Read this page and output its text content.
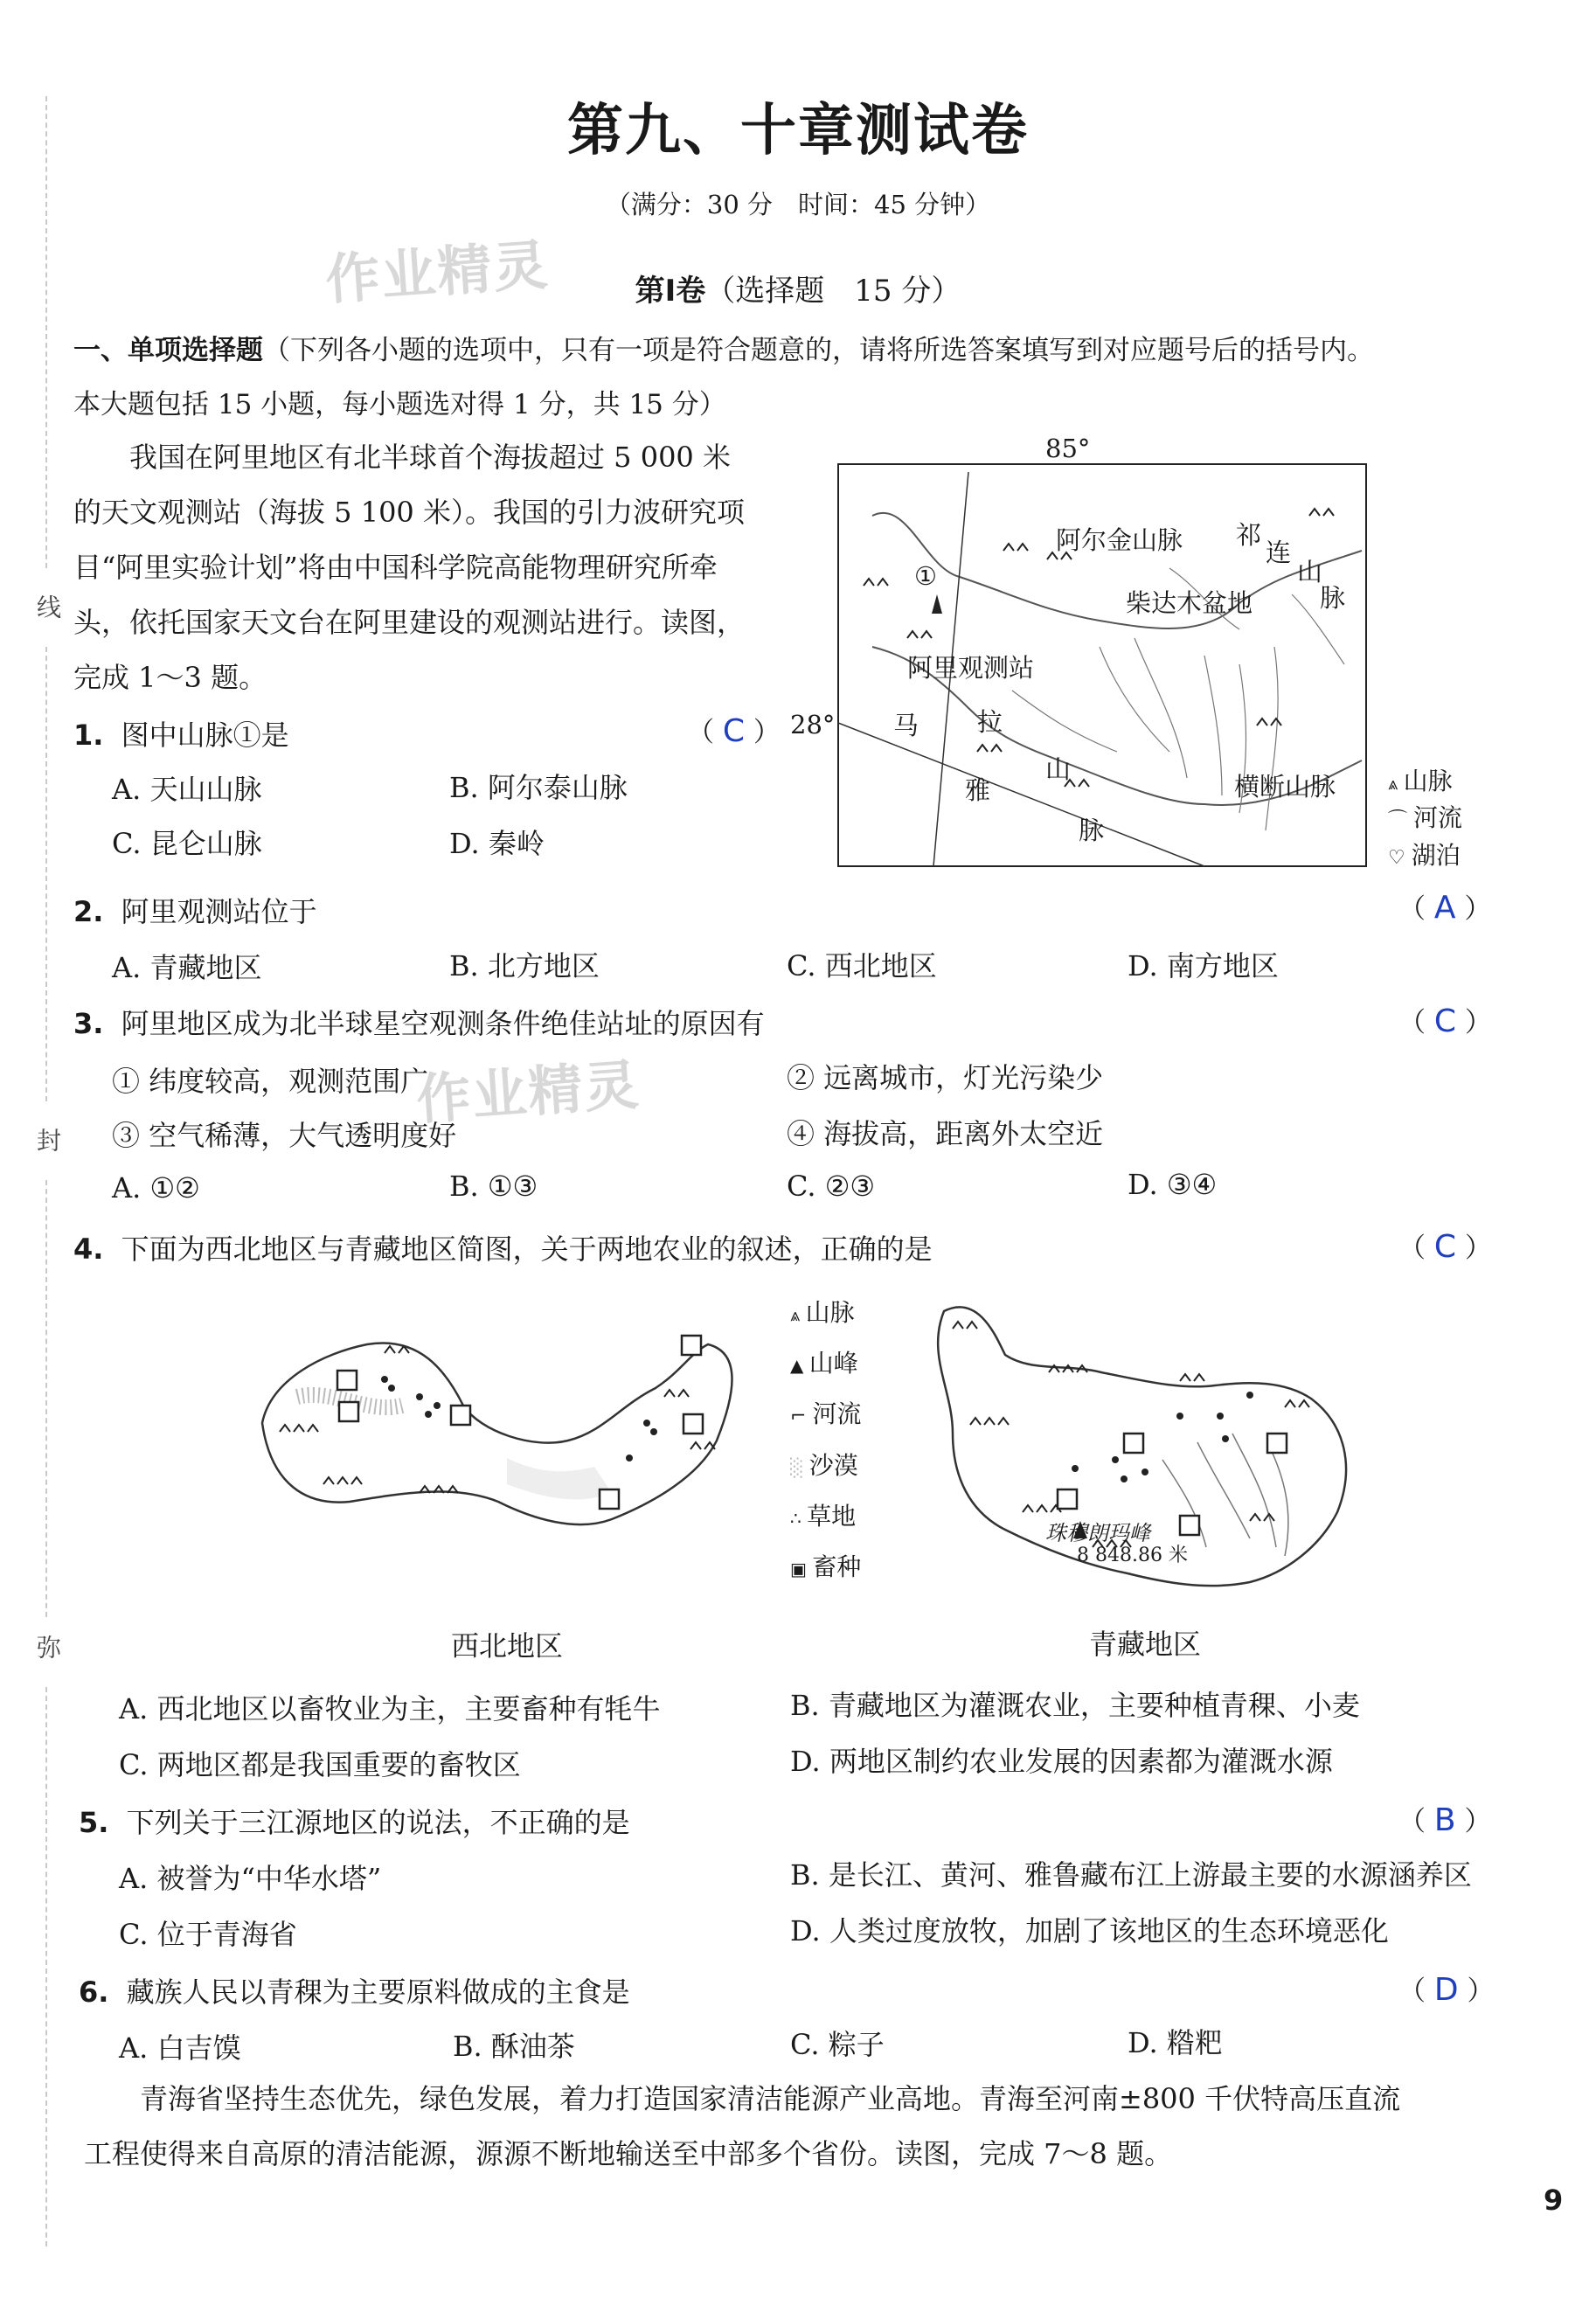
线
封
弥
第九、十章测试卷
（满分：30 分　时间：45 分钟）
作业精灵	第Ⅰ卷（选择题　15 分）
一、单项选择题（下列各小题的选项中，只有一项是符合题意的，请将所选答案填写到对应题号后的括号内。
本大题包括 15 小题，每小题选对得 1 分，共 15 分）
我国在阿里地区有北半球首个海拔超过 5 000 米
的天文观测站（海拔 5 100 米）。我国的引力波研究项
目“阿里实验计划”将由中国科学院高能物理研究所牵
头，依托国家天文台在阿里建设的观测站进行。读图，
完成 1～3 题。
85°
28°
阿尔金山脉 祁
连
山
脉
柴达木盆地
①
阿里观测站
马 拉
雅
山
脉
横断山脉	⩓ 山脉
⌒ 河流
♡ 湖泊
1. 图中山脉①是	（ C ）
A. 天山山脉	B. 阿尔泰山脉
C. 昆仑山脉	D. 秦岭
2. 阿里观测站位于	（ A ）
A. 青藏地区	B. 北方地区	C. 西北地区	D. 南方地区
3. 阿里地区成为北半球星空观测条件绝佳站址的原因有	（ C ）
① 纬度较高，观测范围广
作业精灵	② 远离城市，灯光污染少
③ 空气稀薄，大气透明度好	④ 海拔高，距离外太空近
A. ①②	B. ①③	C. ②③	D. ③④
4. 下面为西北地区与青藏地区简图，关于两地农业的叙述，正确的是	（ C ）
⩓ 山脉
▲ 山峰
⌐ 河流
░ 沙漠
∴ 草地
▣ 畜种
珠穆朗玛峰
8 848.86 米
西北地区	青藏地区
A. 西北地区以畜牧业为主，主要畜种有牦牛	B. 青藏地区为灌溉农业，主要种植青稞、小麦
C. 两地区都是我国重要的畜牧区	D. 两地区制约农业发展的因素都为灌溉水源
5. 下列关于三江源地区的说法，不正确的是	（ B ）
A. 被誉为“中华水塔”	B. 是长江、黄河、雅鲁藏布江上游最主要的水源涵养区
C. 位于青海省	D. 人类过度放牧，加剧了该地区的生态环境恶化
6. 藏族人民以青稞为主要原料做成的主食是	（ D ）
A. 白吉馍	B. 酥油茶	C. 粽子	D. 糌粑
青海省坚持生态优先，绿色发展，着力打造国家清洁能源产业高地。青海至河南±800 千伏特高压直流
工程使得来自高原的清洁能源，源源不断地输送至中部多个省份。读图，完成 7～8 题。
9
